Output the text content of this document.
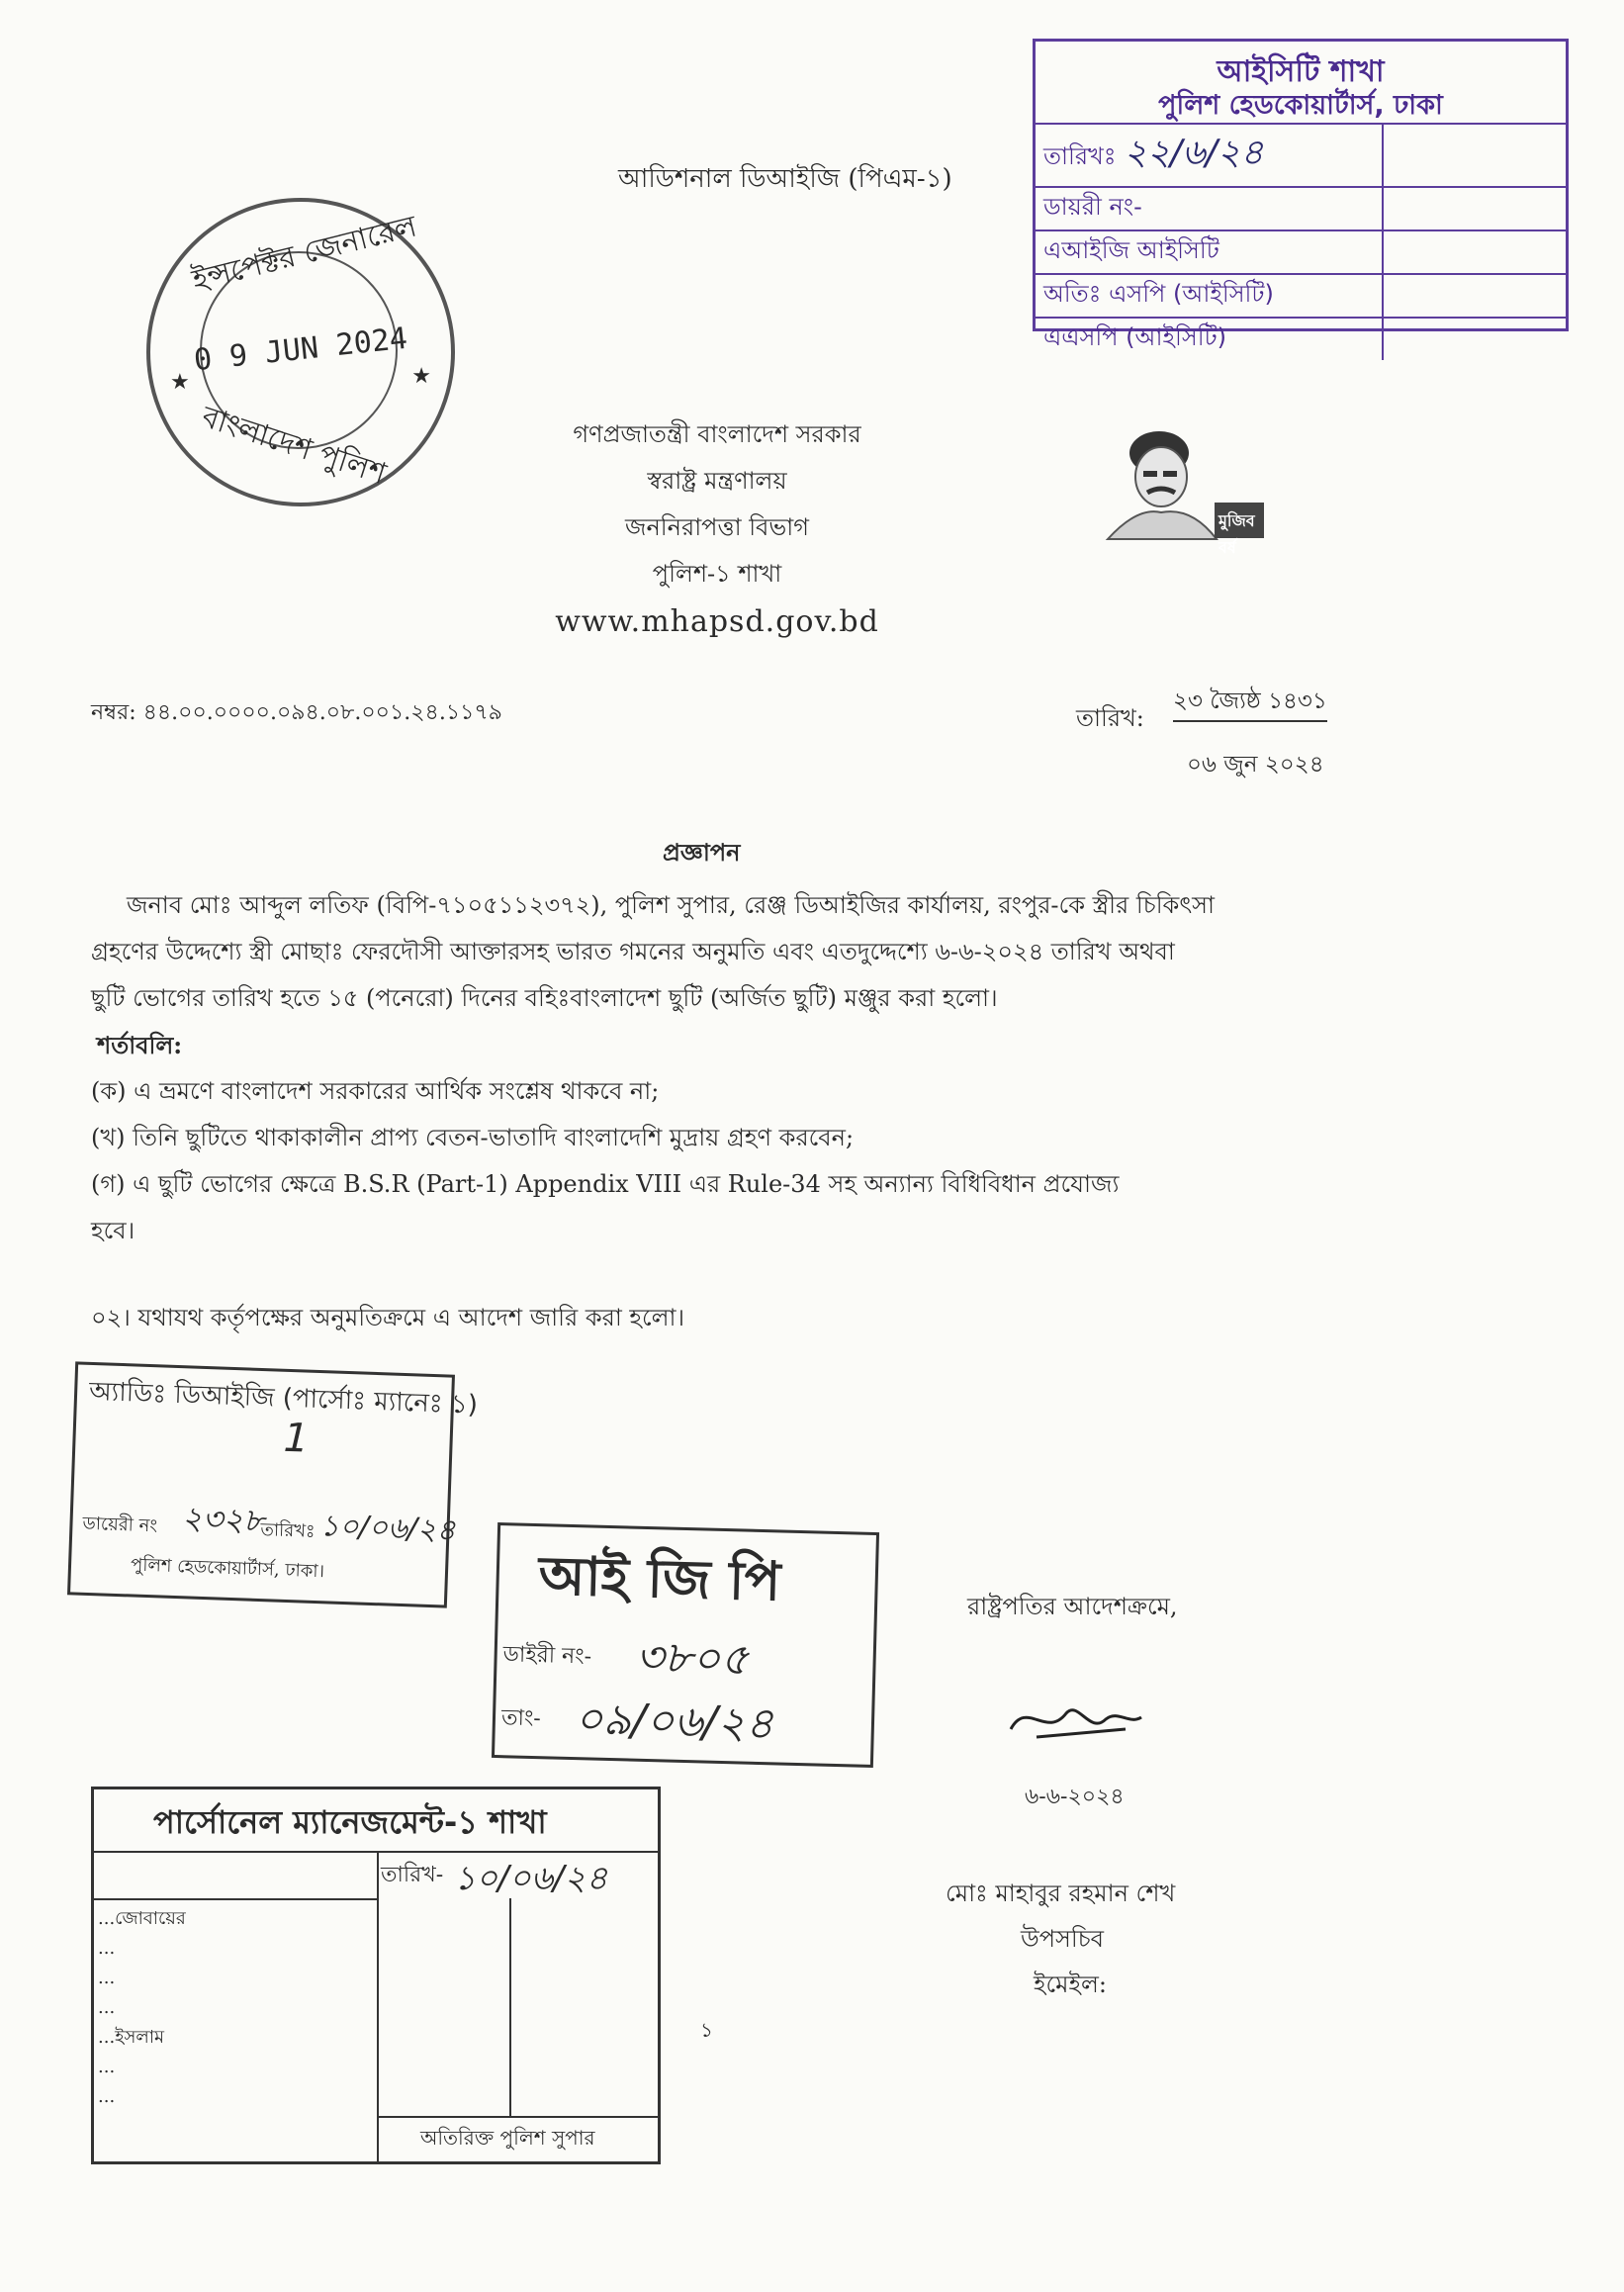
আইসিটি শাখা
পুলিশ হেডকোয়ার্টার্স, ঢাকা
তারিখঃ ২২/৬/২৪	
ডায়রী নং-	
এআইজি আইসিটি	
অতিঃ এসপি (আইসিটি)	
এএসপি (আইসিটি)	
আডিশনাল ডিআইজি (পিএম-১)
ইন্সপেক্টর জেনারেল
0 9 JUN 2024
★	★
বাংলাদেশ পুলিশ	গণপ্রজাতন্ত্রী বাংলাদেশ সরকার
স্বরাষ্ট্র মন্ত্রণালয়
জননিরাপত্তা বিভাগ
পুলিশ-১ শাখা
www.mhapsd.gov.bd
মুজিব বর্ষ
নম্বর: ৪৪.০০.০০০০.০৯৪.০৮.০০১.২৪.১১৭৯	তারিখ:
২৩ জ্যৈষ্ঠ ১৪৩১
০৬ জুন ২০২৪
প্রজ্ঞাপন
জনাব মোঃ আব্দুল লতিফ (বিপি-৭১০৫১১২৩৭২), পুলিশ সুপার, রেঞ্জ ডিআইজির কার্যালয়, রংপুর-কে স্ত্রীর চিকিৎসা
গ্রহণের উদ্দেশ্যে স্ত্রী মোছাঃ ফেরদৌসী আক্তারসহ ভারত গমনের অনুমতি এবং এতদুদ্দেশ্যে ৬-৬-২০২৪ তারিখ অথবা
ছুটি ভোগের তারিখ হতে ১৫ (পনেরো) দিনের বহিঃবাংলাদেশ ছুটি (অর্জিত ছুটি) মঞ্জুর করা হলো।
শর্তাবলি:
(ক) এ ভ্রমণে বাংলাদেশ সরকারের আর্থিক সংশ্লেষ থাকবে না;
(খ) তিনি ছুটিতে থাকাকালীন প্রাপ্য বেতন-ভাতাদি বাংলাদেশি মুদ্রায় গ্রহণ করবেন;
(গ) এ ছুটি ভোগের ক্ষেত্রে B.S.R (Part-1) Appendix VIII এর Rule-34 সহ অন্যান্য বিধিবিধান প্রযোজ্য
হবে।
০২। যথাযথ কর্তৃপক্ষের অনুমতিক্রমে এ আদেশ জারি করা হলো।
রাষ্ট্রপতির আদেশক্রমে,
৬-৬-২০২৪
মোঃ মাহাবুর রহমান শেখ
উপসচিব
ইমেইল:
অ্যাডিঃ ডিআইজি (পার্সোঃ ম্যানেঃ ১)
1
ডায়েরী নং ২৩২৮
তারিখঃ ১০/০৬/২৪
পুলিশ হেডকোয়ার্টার্স, ঢাকা।	আই জি পি
ডাইরী নং- ৩৮০৫
তাং- ০৯/০৬/২৪
পার্সোনেল ম্যানেজমেন্ট-১ শাখা
তারিখ- ১০/০৬/২৪
...জোবায়ের
...
...
...
...ইসলাম
...
...
অতিরিক্ত পুলিশ সুপার
১
